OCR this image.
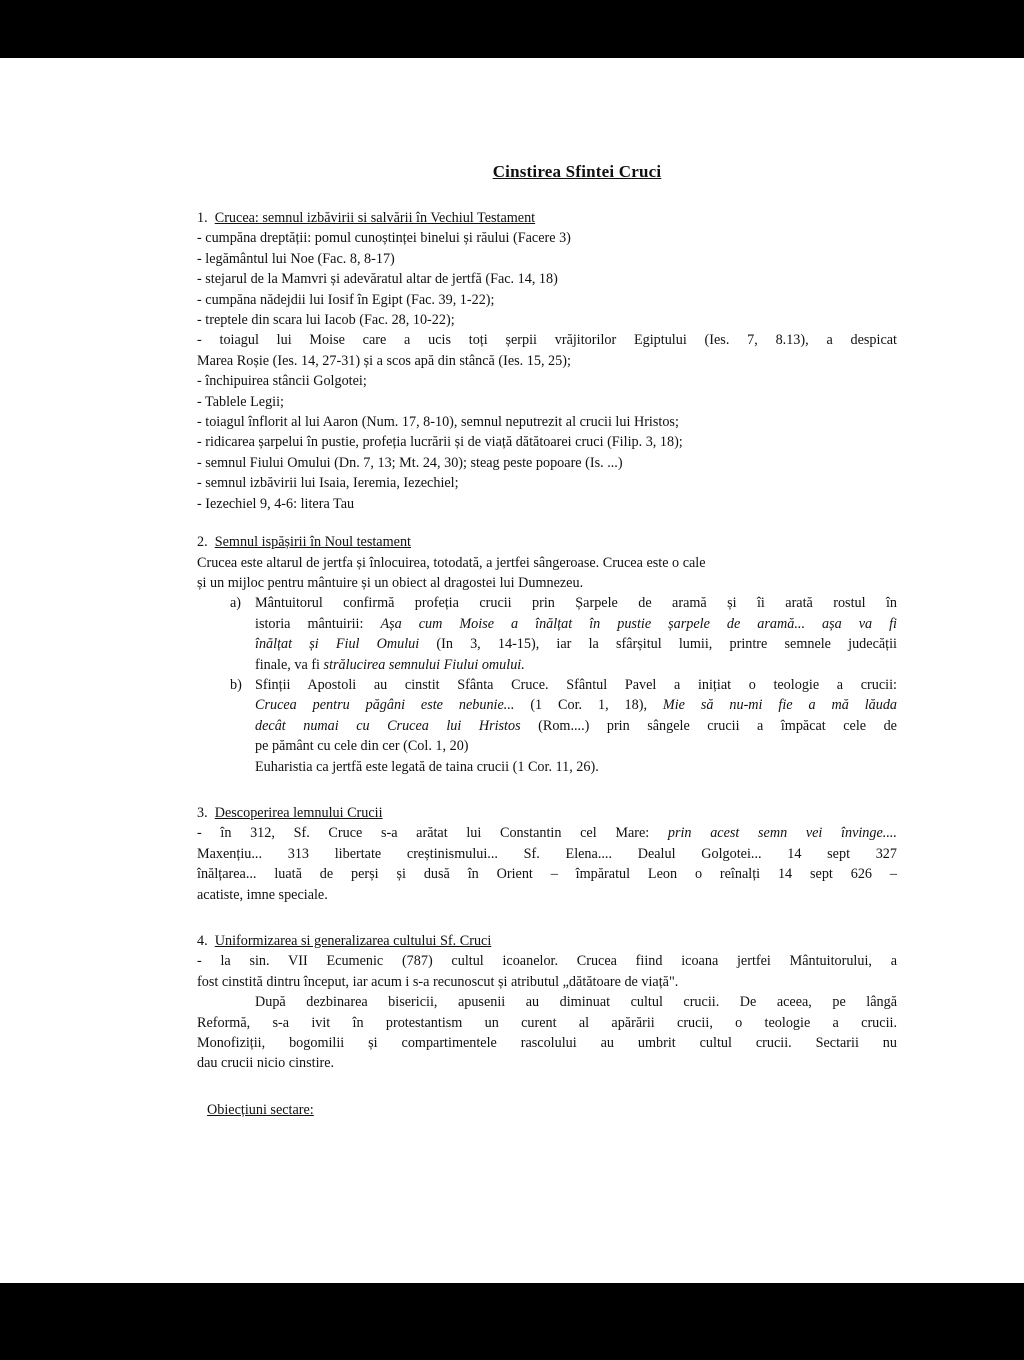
Cinstirea Sfintei Cruci
1. Crucea: semnul izbăvirii si salvării în Vechiul Testament
- cumpăna dreptății: pomul cunoștinței binelui și răului (Facere 3)
- legământul lui Noe (Fac. 8, 8-17)
- stejarul de la Mamvri și adevăratul altar de jertfă (Fac. 14, 18)
- cumpăna nădejdii lui Iosif în Egipt (Fac. 39, 1-22);
- treptele din scara lui Iacob (Fac. 28, 10-22);
- toiagul lui Moise care a ucis toți șerpii vrăjitorilor Egiptului (Ies. 7, 8.13), a despicat
Marea Roșie (Ies. 14, 27-31) și a scos apă din stâncă (Ies. 15, 25);
- închipuirea stâncii Golgotei;
- Tablele Legii;
- toiagul înflorit al lui Aaron (Num. 17, 8-10), semnul neputrezit al crucii lui Hristos;
- ridicarea șarpelui în pustie, profeția lucrării și de viață dătătoarei cruci (Filip. 3, 18);
- semnul Fiului Omului (Dn. 7, 13; Mt. 24, 30); steag peste popoare (Is. ...)
- semnul izbăvirii lui Isaia, Ieremia, Iezechiel;
- Iezechiel 9, 4-6: litera Tau
2. Semnul ispășirii în Noul testament
Crucea este altarul de jertfa și înlocuirea, totodată, a jertfei sângeroase. Crucea este o cale
și un mijloc pentru mântuire și un obiect al dragostei lui Dumnezeu.
a) Mântuitorul confirmă profeția crucii prin Șarpele de aramă și îi arată rostul în
istoria mântuirii: Așa cum Moise a înălțat în pustie șarpele de aramă... așa va fi
înălțat și Fiul Omului (In 3, 14-15), iar la sfârșitul lumii, printre semnele judecății
finale, va fi strălucirea semnului Fiului omului.
b) Sfinții Apostoli au cinstit Sfânta Cruce. Sfântul Pavel a inițiat o teologie a crucii:
Crucea pentru păgâni este nebunie... (1 Cor. 1, 18), Mie să nu-mi fie a mă lăuda
decât numai cu Crucea lui Hristos (Rom....) prin sângele crucii a împăcat cele de
pe pământ cu cele din cer (Col. 1, 20)
Euharistia ca jertfă este legată de taina crucii (1 Cor. 11, 26).
3. Descoperirea lemnului Crucii
- în 312, Sf. Cruce s-a arătat lui Constantin cel Mare: prin acest semn vei învinge....
Maxențiu... 313 libertate creștinismului... Sf. Elena.... Dealul Golgotei... 14 sept 327
înălțarea... luată de perși și dusă în Orient – împăratul Leon o reînalți 14 sept 626 –
acatiste, imne speciale.
4. Uniformizarea si generalizarea cultului Sf. Cruci
- la sin. VII Ecumenic (787) cultul icoanelor. Crucea fiind icoana jertfei Mântuitorului, a
fost cinstită dintru început, iar acum i s-a recunoscut și atributul „dătătoare de viață".
După dezbinarea bisericii, apusenii au diminuat cultul crucii. De aceea, pe lângă
Reformă, s-a ivit în protestantism un curent al apărării crucii, o teologie a crucii.
Monofiziții, bogomilii și compartimentele rascolului au umbrit cultul crucii. Sectarii nu
dau crucii nicio cinstire.
Obiecțiuni sectare:
